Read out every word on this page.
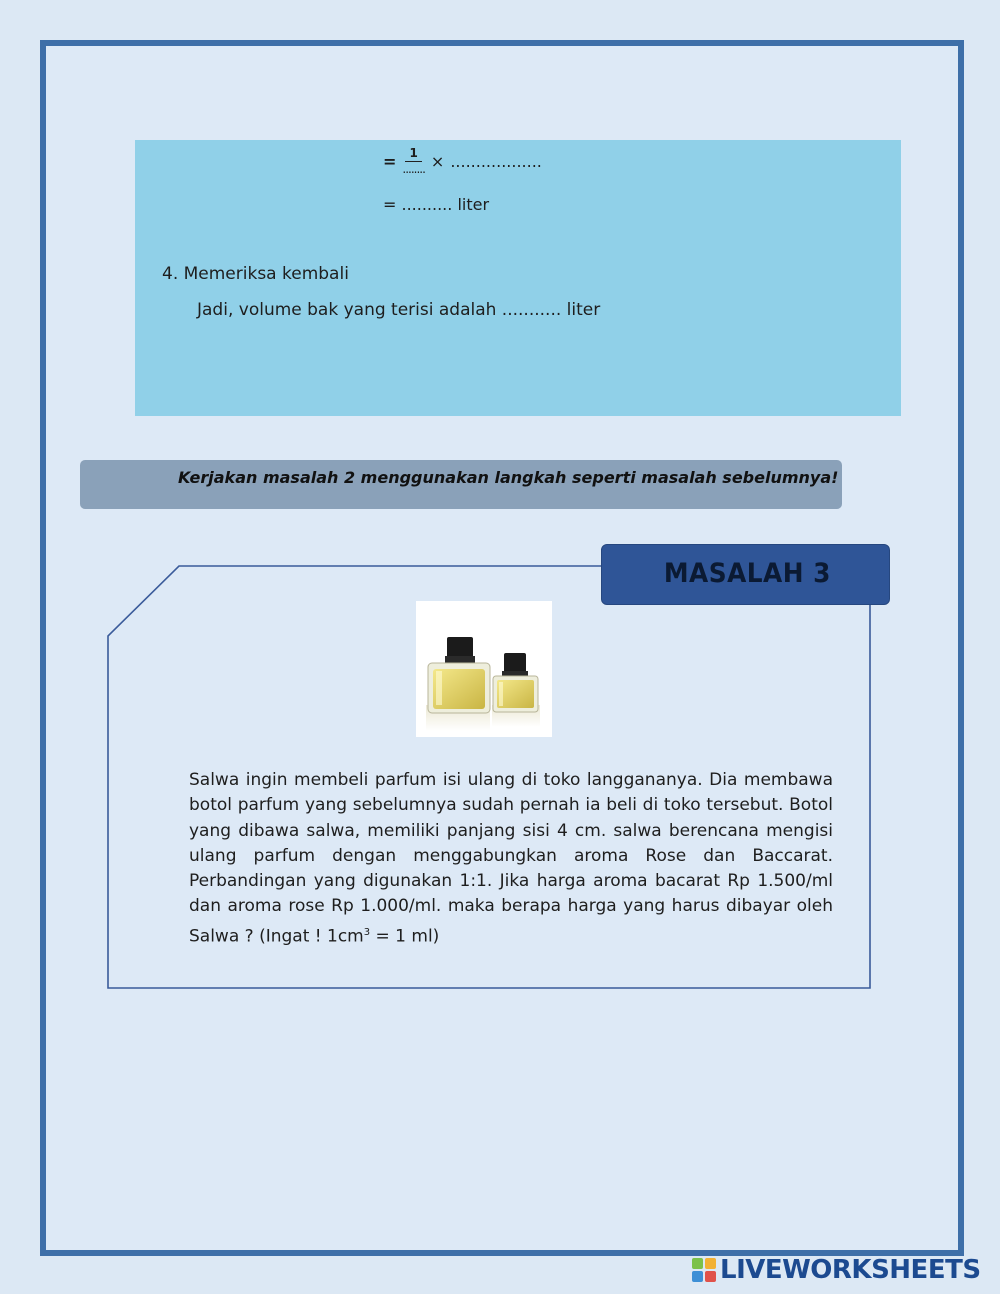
= $\frac{1}{........}$ × ..................
= .......... liter
4. Memeriksa kembali
Jadi, volume bak yang terisi adalah ........... liter
Kerjakan masalah 2 menggunakan langkah seperti masalah sebelumnya!
MASALAH 3
Salwa ingin membeli parfum isi ulang di toko langgananya. Dia membawa botol parfum yang sebelumnya sudah pernah ia beli di toko tersebut. Botol yang dibawa salwa, memiliki panjang sisi 4 cm. salwa berencana mengisi ulang parfum dengan menggabungkan aroma Rose dan Baccarat. Perbandingan yang digunakan 1:1. Jika harga aroma bacarat Rp 1.500/ml dan aroma rose Rp 1.000/ml. maka berapa harga yang harus dibayar oleh Salwa ? (Ingat ! $1cm^3 = 1$ ml)
LIVEWORKSHEETS
